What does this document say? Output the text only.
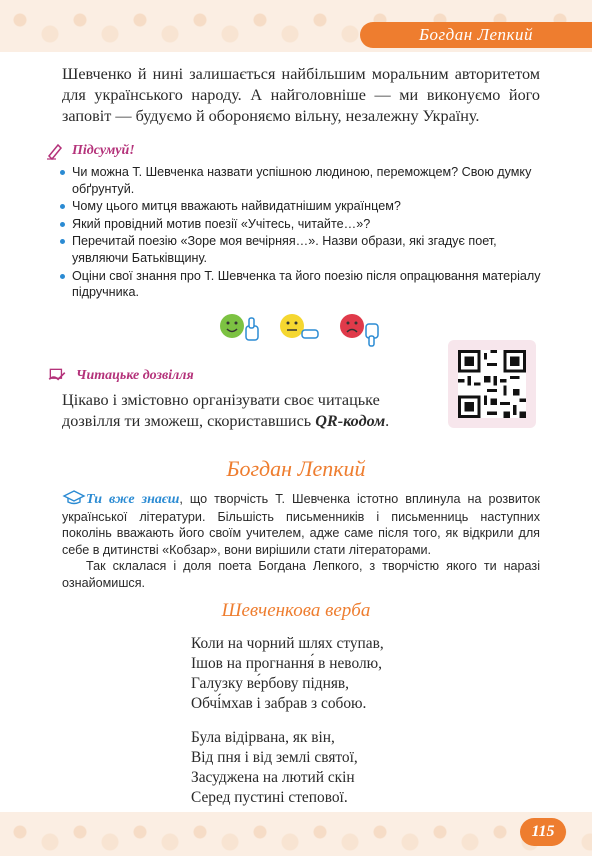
Богдан Лепкий

Шевченко й нині залишається найбільшим моральним авторитетом для українського народу. А найголовніше — ми виконуємо його заповіт — будуємо й обороняємо вільну, незалежну Україну.

Підсумуй!
Чи можна Т. Шевченка назвати успішною людиною, переможцем? Свою думку обґрунтуй.
Чому цього митця вважають найвидатнішим українцем?
Який провідний мотив поезії «Учітесь, читайте…»?
Перечитай поезію «Зоре моя вечірняя…». Назви образи, які згадує поет, уявляючи Батьківщину.
Оціни свої знання про Т. Шевченка та його поезію після опрацювання матеріалу підручника.
Читацьке дозвілля

Цікаво і змістовно організувати своє читацьке дозвілля ти зможеш, скориставшись QR-кодом.

Богдан Лепкий
Ти вже знаєш, що творчість Т. Шевченка істотно вплинула на розвиток української літератури. Більшість письменників і письменниць наступних поколінь вважають його своїм учителем, адже саме після того, як відкрили для себе в дитинстві «Кобзар», вони вирішили стати літераторами.
Так склалася і доля поета Богдана Лепкого, з творчістю якого ти наразі ознайомишся.
Шевченкова верба
Коли на чорний шлях ступав,
Ішов на прогнання́ в неволю,
Галузку ве́рбову підняв,
Обчі́мхав і забрав з собою.
Була відірвана, як він,
Від пня і від землі святої,
Засуджена на лютий скін
Серед пустині степової.
115
